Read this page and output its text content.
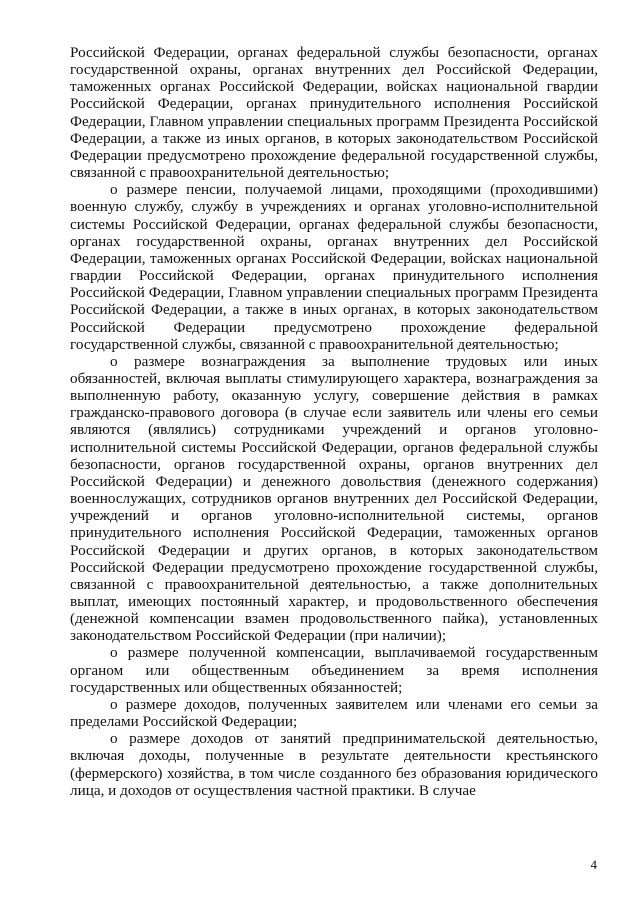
Российской Федерации, органах федеральной службы безопасности, органах государственной охраны, органах внутренних дел Российской Федерации, таможенных органах Российской Федерации, войсках национальной гвардии Российской Федерации, органах принудительного исполнения Российской Федерации, Главном управлении специальных программ Президента Российской Федерации, а также из иных органов, в которых законодательством Российской Федерации предусмотрено прохождение федеральной государственной службы, связанной с правоохранительной деятельностью;

о размере пенсии, получаемой лицами, проходящими (проходившими) военную службу, службу в учреждениях и органах уголовно-исполнительной системы Российской Федерации, органах федеральной службы безопасности, органах государственной охраны, органах внутренних дел Российской Федерации, таможенных органах Российской Федерации, войсках национальной гвардии Российской Федерации, органах принудительного исполнения Российской Федерации, Главном управлении специальных программ Президента Российской Федерации, а также в иных органах, в которых законодательством Российской Федерации предусмотрено прохождение федеральной государственной службы, связанной с правоохранительной деятельностью;

о размере вознаграждения за выполнение трудовых или иных обязанностей, включая выплаты стимулирующего характера, вознаграждения за выполненную работу, оказанную услугу, совершение действия в рамках гражданско-правового договора (в случае если заявитель или члены его семьи являются (являлись) сотрудниками учреждений и органов уголовно-исполнительной системы Российской Федерации, органов федеральной службы безопасности, органов государственной охраны, органов внутренних дел Российской Федерации) и денежного довольствия (денежного содержания) военнослужащих, сотрудников органов внутренних дел Российской Федерации, учреждений и органов уголовно-исполнительной системы, органов принудительного исполнения Российской Федерации, таможенных органов Российской Федерации и других органов, в которых законодательством Российской Федерации предусмотрено прохождение государственной службы, связанной с правоохранительной деятельностью, а также дополнительных выплат, имеющих постоянный характер, и продовольственного обеспечения (денежной компенсации взамен продовольственного пайка), установленных законодательством Российской Федерации (при наличии);

о размере полученной компенсации, выплачиваемой государственным органом или общественным объединением за время исполнения государственных или общественных обязанностей;

о размере доходов, полученных заявителем или членами его семьи за пределами Российской Федерации;

о размере доходов от занятий предпринимательской деятельностью, включая доходы, полученные в результате деятельности крестьянского (фермерского) хозяйства, в том числе созданного без образования юридического лица, и доходов от осуществления частной практики. В случае

4
